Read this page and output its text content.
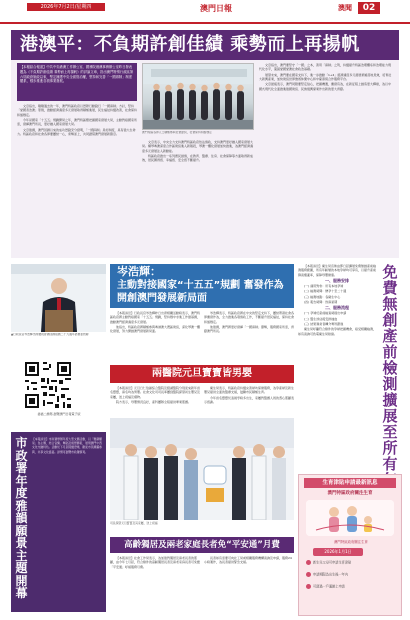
2026年7月2日/星期四	澳門日報	澳聞	02
港澳平：不負期許創佳績 乘勢而上再揚帆
【本報綜合報道】中共中央港澳工作辦公室、國務院港澳事務辦公室昨日發表題為《不負期許創佳績 乘勢而上再揚帆》的評論文章，指出澳門特別行政區第六屆政府施政以來，堅定擁護中央全面管治權，堅持和完善「一國兩制」制度體系，穩步推進各項事業發展。

文章指出，剛剛過去的一年，澳門特區政府以實際行動踐行「一國兩制」方針，堅持「愛國者治澳」原則，推動經濟適度多元發展取得積極進展，民生福祉持續改善，社會保持和諧穩定。

今年是國家「十五五」規劃開局之年，澳門特區應把握國家發展大局，主動對接國家所需，發揮澳門所長，更好融入國家發展大局。

文章強調，澳門回歸以來的成功實踐充分證明，「一國兩制」是好制度，具有強大生命力。特區政府和社會各界要團結一心，乘勢而上，共同譜寫澳門發展新篇章。

澳門特區各界人士積極參與社會建設，社會保持和諧穩定

文章表示，中央全力支持澳門特區政府依法施政，支持澳門更好融入國家發展大局。橫琴粵澳深度合作區建設進入新階段，琴澳一體化發展加快推進，為澳門經濟適度多元發展注入新動能。

特區政府推出一系列惠民措施，在教育、醫療、住房、社會保障等方面取得新成效，居民獲得感、幸福感、安全感不斷提升。

文章指出，澳門要堅守「一國」之本，善用「兩制」之利，持續提升特區治理體系和治理能力現代化水平，鞏固愛國愛澳社會政治基礎。

展望未來，澳門要在國家支持下，進一步推動「1+4」經濟適度多元發展策略落地見效，培育壯大新興產業，加快建設世界旅遊休閒中心和中葡商貿合作服務平台。

文章最後表示，澳門同胞要堅定信心，把握機遇，奮發有為，在新征程上創造更大輝煌，為以中國式現代化全面推進強國建設、民族復興偉業作出新的更大貢獻。

▲行政長官岑浩輝出席慶祝香港回歸祖國二十九週年酒會並致辭
岑浩輝：
主動對接國家“十五五”規劃 奮發作為開創澳門發展新局面

【本報消息】行政長官岑浩輝昨日出席相關活動時表示，澳門特區政府將主動對接國家「十五五」規劃，堅持穩中求進工作總基調，推動澳門經濟適度多元發展。

他指出，特區政府將積極參與粵港澳大灣區建設，深化琴澳一體化發展，努力開創澳門發展新局面。

岑浩輝表示，特區政府將在中央的堅定支持下，團結帶領社會各界奮發作為，全力推進各項施政工作，不斷提升居民福祉，保持社會和諧穩定。

他強調，澳門將更好發揮「一國兩制」優勢，服務國家所需，貢獻澳門所長。

兩醫院元旦寶寶皆男嬰

【本報消息】元旦日仁伯爵綜合醫院及鏡湖醫院分別迎來新年首名寶寶，兩名均為男嬰。社會文化司司長率團到醫院探望初生嬰兒及家屬，送上祝福及禮物。

院方表示，母嬰情況良好，產科團隊全程提供專業照護。

衛生局表示，特區政府持續完善婦幼保健服務，為孕產婦及新生嬰兒提供全面的醫療支援，鼓勵市民積極生育。

今年首名寶寶於凌晨零時多出生，家屬對醫護人員的悉心照顧表示感謝。

司長探望元旦寶寶及其家屬，送上祝福
高齡獨居及兩老家庭長者免“平安通”月費

【本報消息】社會工作局表示，為加強對獨居及兩老長者的照顧，由今年七月起，符合條件的高齡獨居長者及兩老家庭長者可免繳「平安通」呼援服務月費。

長者如有需要可向社工局或相關服務機構查詢及申請，服務24小時運作，為長者提供緊急支援。

掃描二維碼 瀏覽澳門日報電子版
市政署年度雅韻願景主題開幕
【本報消息】市政署舉辦年度大型文藝活動，以「雅韻願景」為主題，結合音樂、舞蹈及視覺藝術，展現澳門中西文化交融特色。活動於下月起陸續登場，歡迎市民踴躍參與，共享文化盛宴。詳情可瀏覽市政署網頁。

【本報消息】衛生局宣佈由即日起擴展免費無創產前檢測服務範圍，所有年齡層的本地孕婦均可享有，以提升產前篩查覆蓋率，保障母嬰健康。

一、服務安排

(一) 適用對象：所有本地孕婦

(二) 檢測時間：懷孕十至二十週

(三) 檢測地點：各衛生中心

(四) 報告時間：約兩星期

二、服務流程

(一) 孕婦於產前檢查時提出申請

(二) 醫生評估後安排抽血

(三) 結果異常者轉介專科跟進

衛生局呼籲符合條件的孕婦把握機會，接受相關檢測，如有查詢可致電衛生局熱線。

免費無創產前檢測擴展至所有
生育津貼申請最新訊息
澳門特區政府關注生育
澳門特區政府關注生育
2026年1月1日
新生兒父母可申請生育津貼
申請期限為出生後一年內
可透過一戶通網上申請
